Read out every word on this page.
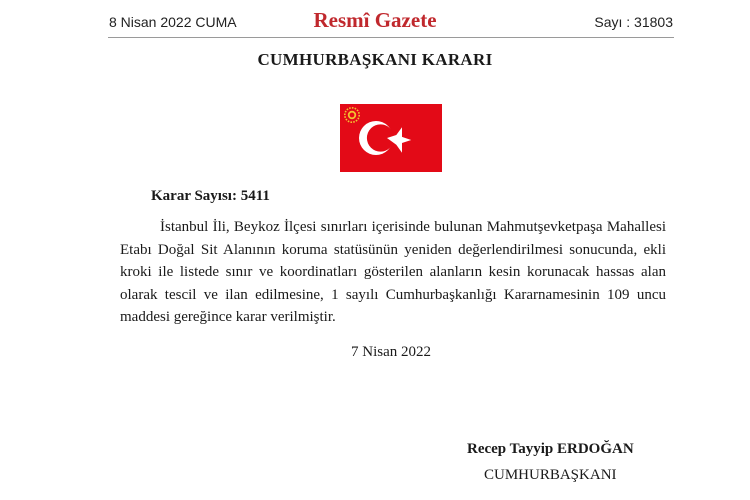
8 Nisan 2022 CUMA	Resmî Gazete	Sayı : 31803
CUMHURBAŞKANI KARARI
Karar Sayısı: 5411

İstanbul İli, Beykoz İlçesi sınırları içerisinde bulunan Mahmutşevketpaşa Mahallesi Etabı Doğal Sit Alanının koruma statüsünün yeniden değerlendirilmesi sonucunda, ekli kroki ile listede sınır ve koordinatları gösterilen alanların kesin korunacak hassas alan olarak tescil ve ilan edilmesine, 1 sayılı Cumhurbaşkanlığı Kararnamesinin 109 uncu maddesi gereğince karar verilmiştir.

7 Nisan 2022
Recep Tayyip ERDOĞAN
CUMHURBAŞKANI
